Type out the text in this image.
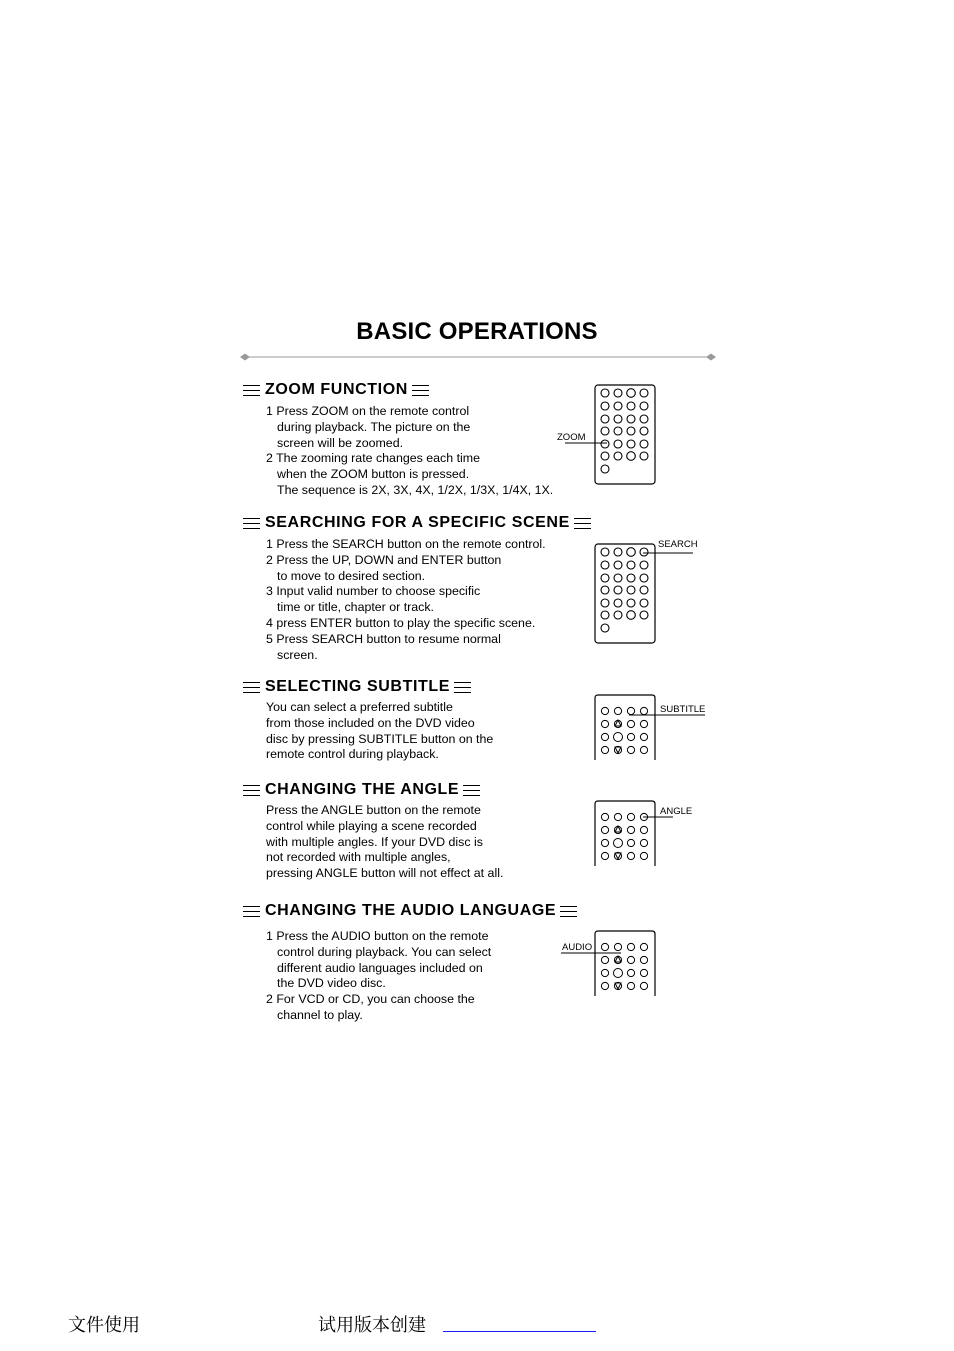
BASIC OPERATIONS
ZOOM FUNCTION

1 Press ZOOM on the remote control

during playback. The picture on the

screen will be zoomed.

2 The zooming rate changes each time

when the ZOOM button is pressed.

The sequence is 2X, 3X, 4X, 1/2X, 1/3X, 1/4X, 1X.

ZOOM
SEARCHING FOR A SPECIFIC SCENE

1 Press the SEARCH button on the remote control.

2 Press the UP, DOWN and ENTER button

to move to desired section.

3 Input valid number to choose specific

time or title, chapter or track.

4 press ENTER button to play the specific scene.

5 Press SEARCH button to resume normal

screen.

SEARCH
SELECTING SUBTITLE

You can select a preferred subtitle

from those included on the DVD video

disc by pressing SUBTITLE button on the

remote control during playback.

SUBTITLE
CHANGING THE ANGLE

Press the ANGLE button on the remote

control while playing a scene recorded

with multiple angles. If your DVD disc is

not recorded with multiple angles,

pressing ANGLE button will not effect at all.

ANGLE
CHANGING THE AUDIO LANGUAGE

1 Press the AUDIO button on the remote

control during playback. You can select

different audio languages included on

the DVD video disc.

2 For VCD or CD, you can choose the

channel to play.

AUDIO
文件使用	试用版本创建
